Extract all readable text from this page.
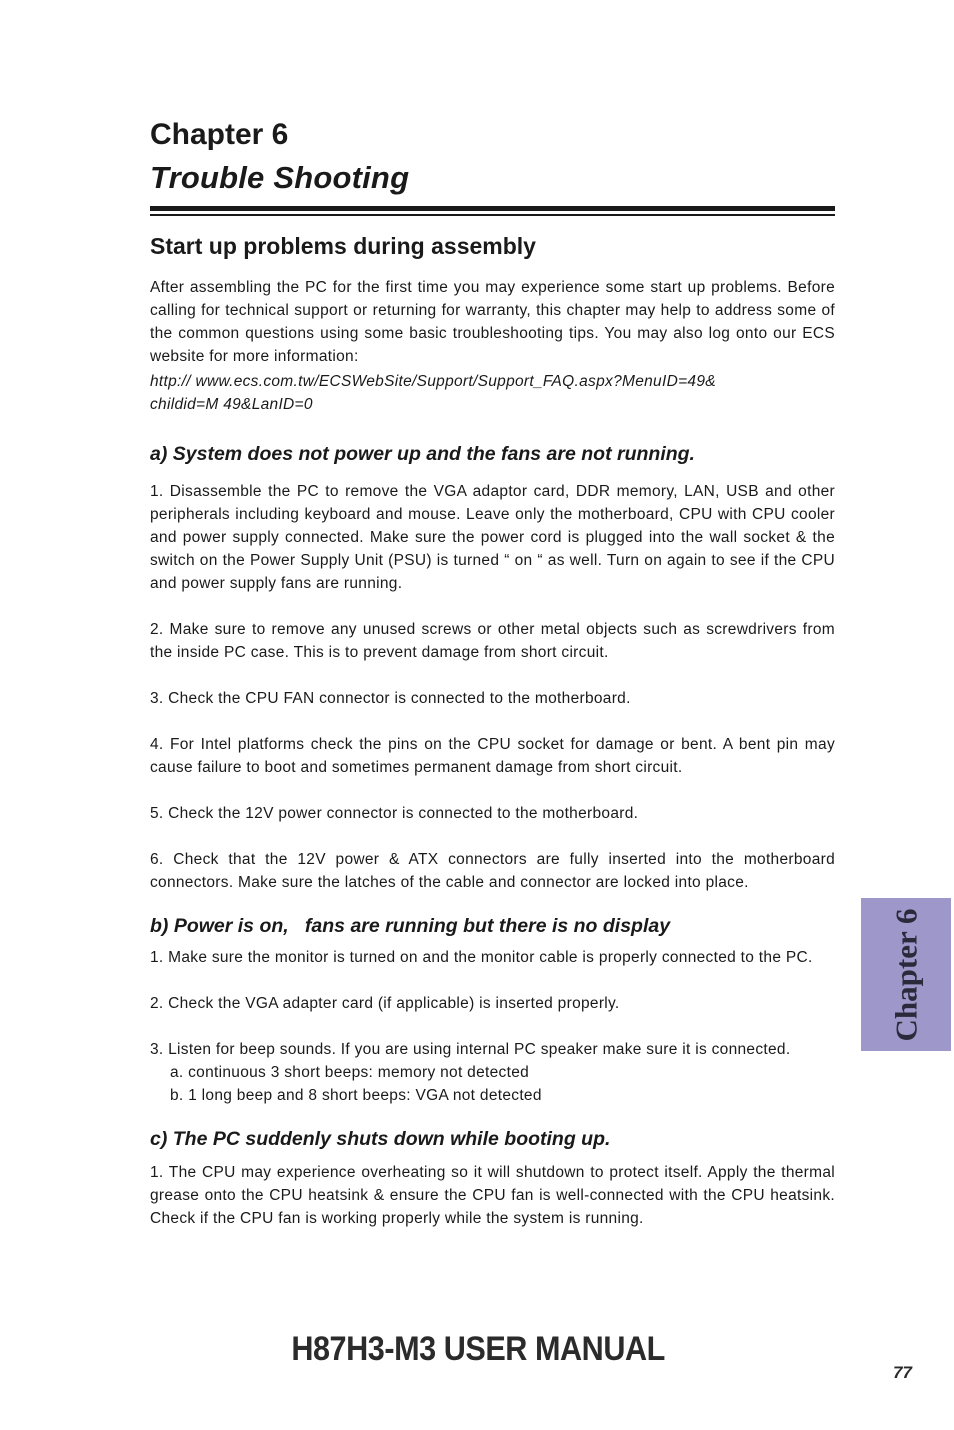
Chapter 6
Trouble Shooting
Start up problems during assembly

After assembling the PC for the first time you may experience some start up problems. Before calling for technical support or returning for warranty, this chapter may help to address some of the common questions using some basic troubleshooting tips. You may also log onto our ECS website for more information:

http:// www.ecs.com.tw/ECSWebSite/Support/Support_FAQ.aspx?MenuID=49&

childid=M 49&LanID=0

a) System does not power up and the fans are not running.

1. Disassemble the PC to remove the VGA adaptor card, DDR memory, LAN, USB and other peripherals including keyboard and mouse. Leave only the motherboard, CPU with CPU cooler and power supply connected. Make sure the power cord is plugged into the wall socket & the switch on the Power Supply Unit (PSU) is turned “ on “ as well. Turn on again to see if the CPU and power supply fans are running.

2. Make sure to remove any unused screws or other metal objects such as screwdrivers from the inside PC case. This is to prevent damage from short circuit.

3. Check the CPU FAN connector is connected to the motherboard.

4. For Intel platforms check the pins on the CPU socket for damage or bent. A bent pin may cause failure to boot and sometimes permanent damage from short circuit.

5. Check the 12V power connector is connected to the motherboard.

6. Check that the 12V power & ATX connectors are fully inserted into the motherboard connectors. Make sure the latches of the cable and connector are locked into place.

b) Power is on,   fans are running but there is no display

1. Make sure the monitor is turned on and the monitor cable is properly connected to the PC.

2. Check the VGA adapter card (if applicable) is inserted properly.

3. Listen for beep sounds. If you are using internal PC speaker make sure it is connected.

a. continuous 3 short beeps: memory not detected

b. 1 long beep and 8 short beeps: VGA not detected

c) The PC suddenly shuts down while booting up.

1. The CPU may experience overheating so it will shutdown to protect itself. Apply the thermal grease onto the CPU heatsink & ensure the CPU fan is well-connected with the CPU heatsink. Check if the CPU fan is working properly while the system is running.

Chapter 6
H87H3-M3 USER MANUAL
77
